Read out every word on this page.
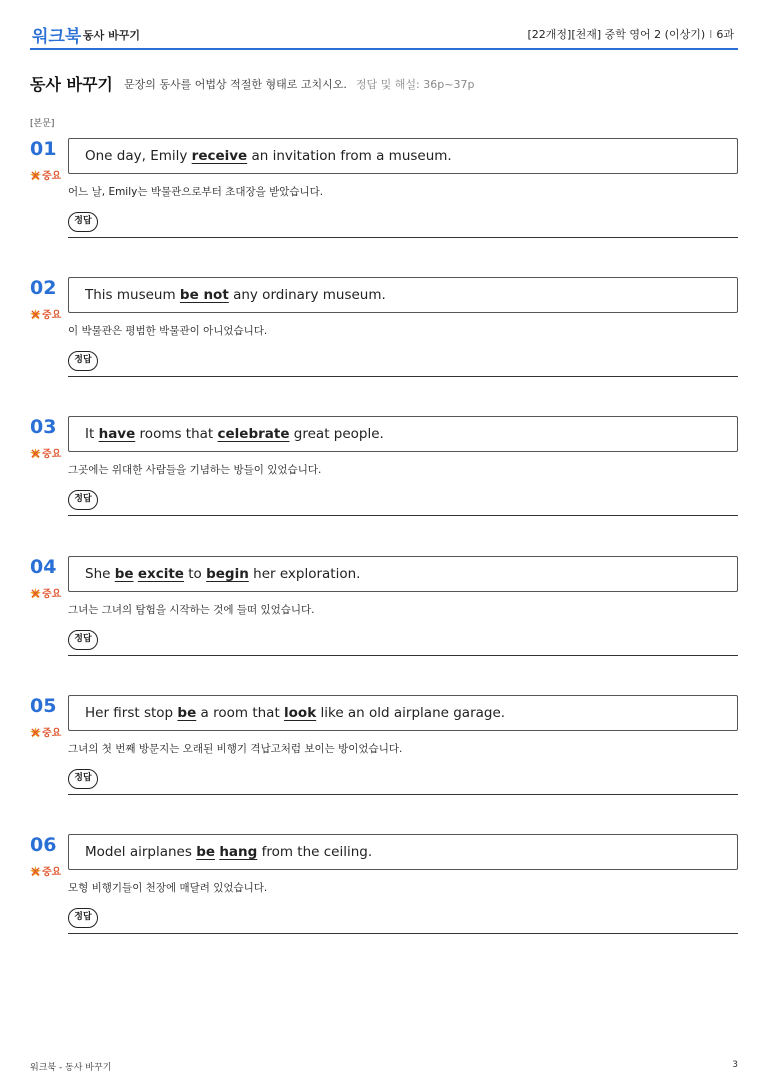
워크북 동사 바꾸기	[22개정][천재] 중학 영어 2 (이상기) I 6과
동사 바꾸기 문장의 동사를 어법상 적절한 형태로 고치시오. 정답 및 해설: 36p~37p
[본문]
01
중요
One day, Emily receive an invitation from a museum.
어느 날, Emily는 박물관으로부터 초대장을 받았습니다.
정답
02
중요
This museum be not any ordinary museum.
이 박물관은 평범한 박물관이 아니었습니다.
정답
03
중요
It have rooms that celebrate great people.
그곳에는 위대한 사람들을 기념하는 방들이 있었습니다.
정답
04
중요
She be excite to begin her exploration.
그녀는 그녀의 탐험을 시작하는 것에 들떠 있었습니다.
정답
05
중요
Her first stop be a room that look like an old airplane garage.
그녀의 첫 번째 방문지는 오래된 비행기 격납고처럼 보이는 방이었습니다.
정답
06
중요
Model airplanes be hang from the ceiling.
모형 비행기들이 천장에 매달려 있었습니다.
정답
워크북 - 동사 바꾸기	3
